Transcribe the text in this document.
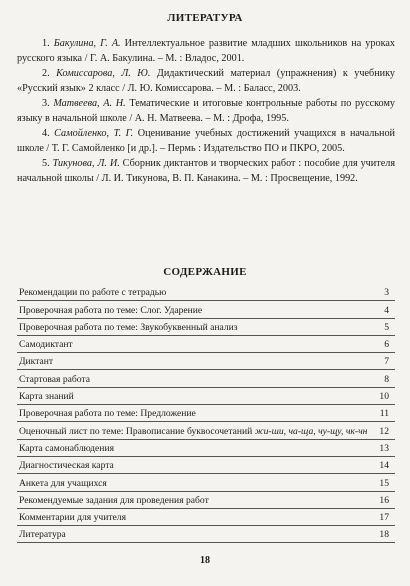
ЛИТЕРАТУРА

1. Бакулина, Г. А. Интеллектуальное развитие младших школьников на уроках русского языка / Г. А. Бакулина. – М. : Владос, 2001.

2. Комиссарова, Л. Ю. Дидактический материал (упражнения) к учебнику «Русский язык» 2 класс / Л. Ю. Комиссарова. – М. : Баласс, 2003.

3. Матвеева, А. Н. Тематические и итоговые контрольные работы по русскому языку в начальной школе / А. Н. Матвеева. – М. : Дрофа, 1995.

4. Самойленко, Т. Г. Оценивание учебных достижений учащихся в начальной школе / Т. Г. Самойленко [и др.]. – Пермь : Издательство ПО и ПКРО, 2005.

5. Тикунова, Л. И. Сборник диктантов и творческих работ : пособие для учителя начальной школы / Л. И. Тикунова, В. П. Канакина. – М. : Просвещение, 1992.

СОДЕРЖАНИЕ
Рекомендации по работе с тетрадью	3
Проверочная работа по теме: Слог. Ударение	4
Проверочная работа по теме: Звукобуквенный анализ	5
Самодиктант	6
Диктант	7
Стартовая работа	8
Карта знаний	10
Проверочная работа по теме: Предложение	11
Оценочный лист по теме: Правописание буквосочетаний жи-ши, ча-ща, чу-щу, чк-чн 12
Карта самонаблюдения	13
Диагностическая карта	14
Анкета для учащихся	15
Рекомендуемые задания для проведения работ	16
Комментарии для учителя	17
Литература	18
18
